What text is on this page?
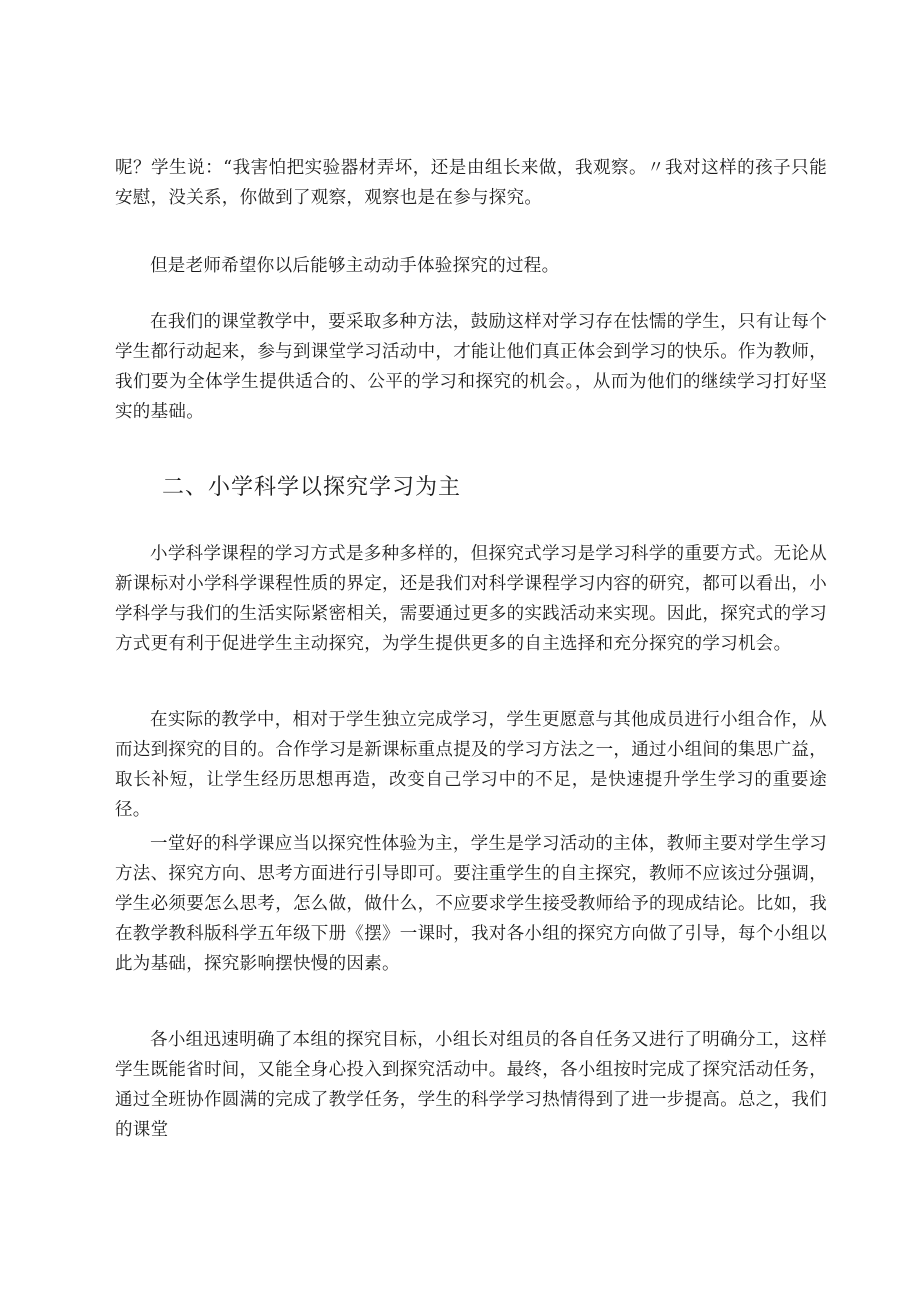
呢？学生说：“我害怕把实验器材弄坏，还是由组长来做，我观察。〃我对这样的孩子只能安慰，没关系，你做到了观察，观察也是在参与探究。

但是老师希望你以后能够主动动手体验探究的过程。

在我们的课堂教学中，要采取多种方法，鼓励这样对学习存在怯懦的学生，只有让每个学生都行动起来，参与到课堂学习活动中，才能让他们真正体会到学习的快乐。作为教师，我们要为全体学生提供适合的、公平的学习和探究的机会。，从而为他们的继续学习打好坚实的基础。

二、小学科学以探究学习为主

小学科学课程的学习方式是多种多样的，但探究式学习是学习科学的重要方式。无论从新课标对小学科学课程性质的界定，还是我们对科学课程学习内容的研究，都可以看出，小学科学与我们的生活实际紧密相关，需要通过更多的实践活动来实现。因此，探究式的学习方式更有利于促进学生主动探究，为学生提供更多的自主选择和充分探究的学习机会。

在实际的教学中，相对于学生独立完成学习，学生更愿意与其他成员进行小组合作，从而达到探究的目的。合作学习是新课标重点提及的学习方法之一，通过小组间的集思广益，取长补短，让学生经历思想再造，改变自己学习中的不足，是快速提升学生学习的重要途径。

一堂好的科学课应当以探究性体验为主，学生是学习活动的主体，教师主要对学生学习方法、探究方向、思考方面进行引导即可。要注重学生的自主探究，教师不应该过分强调，学生必须要怎么思考，怎么做，做什么，不应要求学生接受教师给予的现成结论。比如，我在教学教科版科学五年级下册《摆》一课时，我对各小组的探究方向做了引导，每个小组以此为基础，探究影响摆快慢的因素。

各小组迅速明确了本组的探究目标，小组长对组员的各自任务又进行了明确分工，这样学生既能省时间，又能全身心投入到探究活动中。最终，各小组按时完成了探究活动任务，通过全班协作圆满的完成了教学任务，学生的科学学习热情得到了进一步提高。总之，我们的课堂
